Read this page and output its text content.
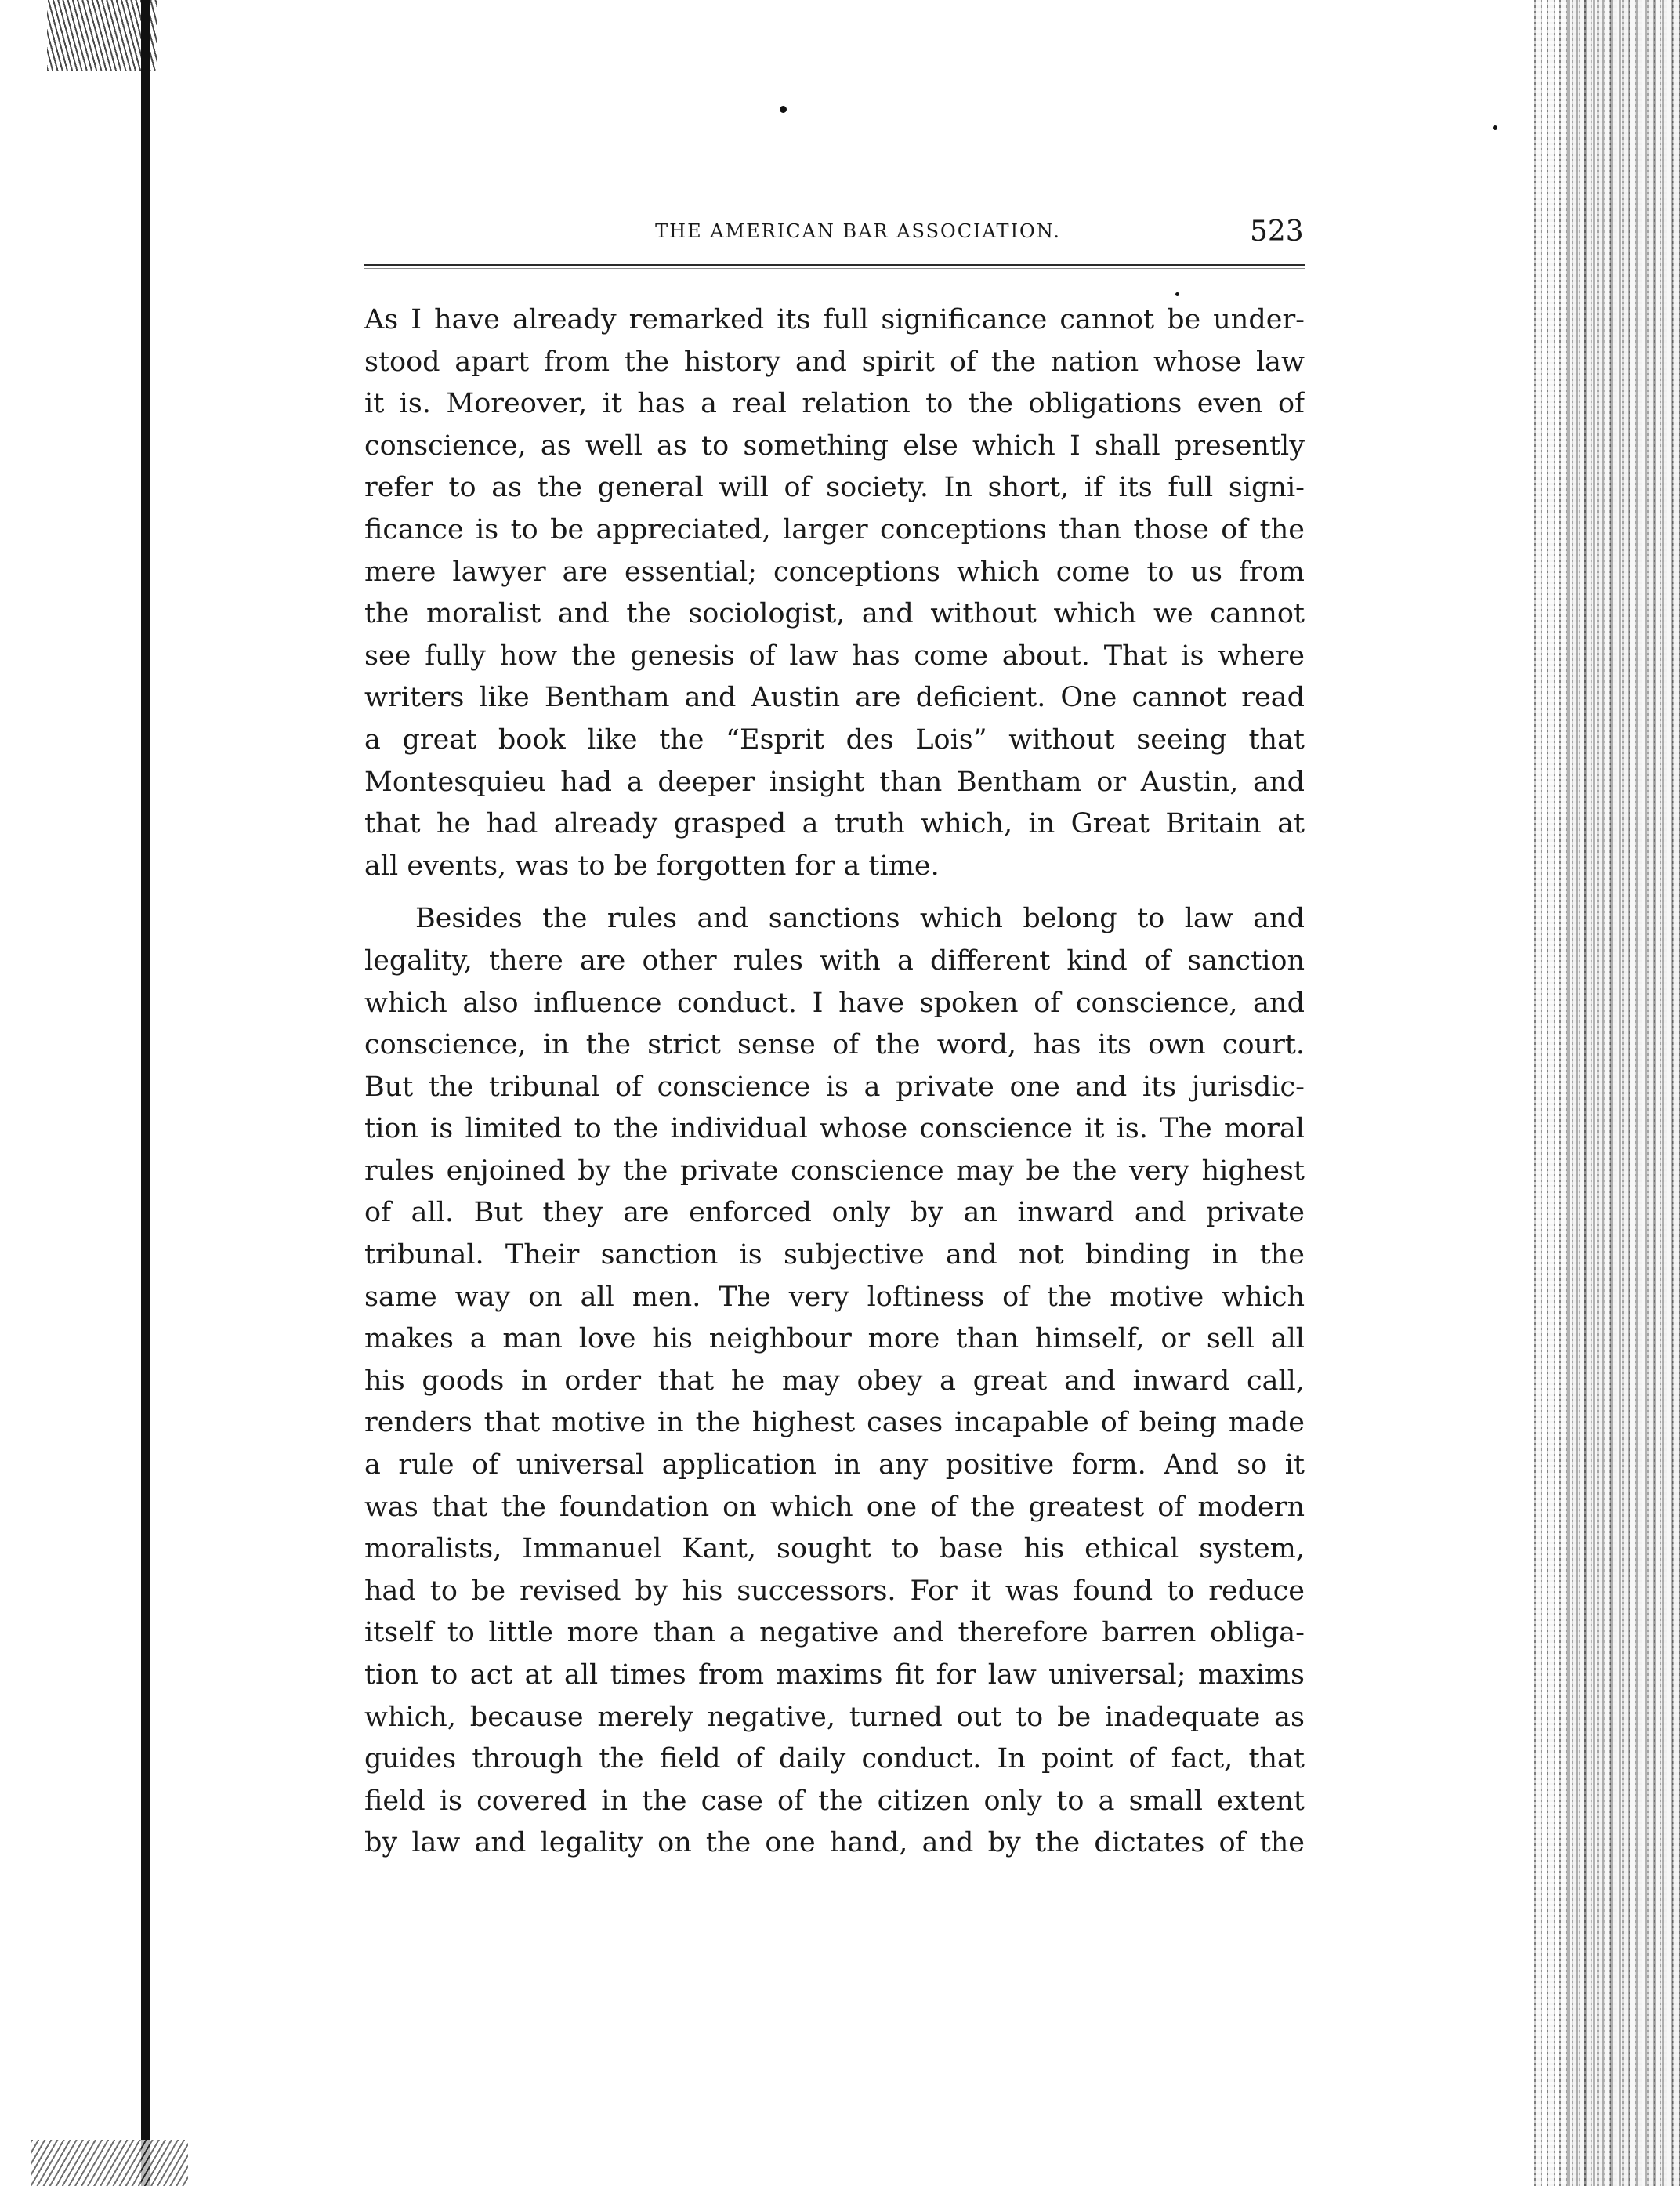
THE AMERICAN BAR ASSOCIATION.	523
As I have already remarked its full significance cannot be under-
stood apart from the history and spirit of the nation whose law
it is. Moreover, it has a real relation to the obligations even of
conscience, as well as to something else which I shall presently
refer to as the general will of society. In short, if its full signi-
ficance is to be appreciated, larger conceptions than those of the
mere lawyer are essential; conceptions which come to us from
the moralist and the sociologist, and without which we cannot
see fully how the genesis of law has come about. That is where
writers like Bentham and Austin are deficient. One cannot read
a great book like the “Esprit des Lois” without seeing that
Montesquieu had a deeper insight than Bentham or Austin, and
that he had already grasped a truth which, in Great Britain at
all events, was to be forgotten for a time.
Besides the rules and sanctions which belong to law and
legality, there are other rules with a different kind of sanction
which also influence conduct. I have spoken of conscience, and
conscience, in the strict sense of the word, has its own court.
But the tribunal of conscience is a private one and its jurisdic-
tion is limited to the individual whose conscience it is. The moral
rules enjoined by the private conscience may be the very highest
of all. But they are enforced only by an inward and private
tribunal. Their sanction is subjective and not binding in the
same way on all men. The very loftiness of the motive which
makes a man love his neighbour more than himself, or sell all
his goods in order that he may obey a great and inward call,
renders that motive in the highest cases incapable of being made
a rule of universal application in any positive form. And so it
was that the foundation on which one of the greatest of modern
moralists, Immanuel Kant, sought to base his ethical system,
had to be revised by his successors. For it was found to reduce
itself to little more than a negative and therefore barren obliga-
tion to act at all times from maxims fit for law universal; maxims
which, because merely negative, turned out to be inadequate as
guides through the field of daily conduct. In point of fact, that
field is covered in the case of the citizen only to a small extent
by law and legality on the one hand, and by the dictates of the
